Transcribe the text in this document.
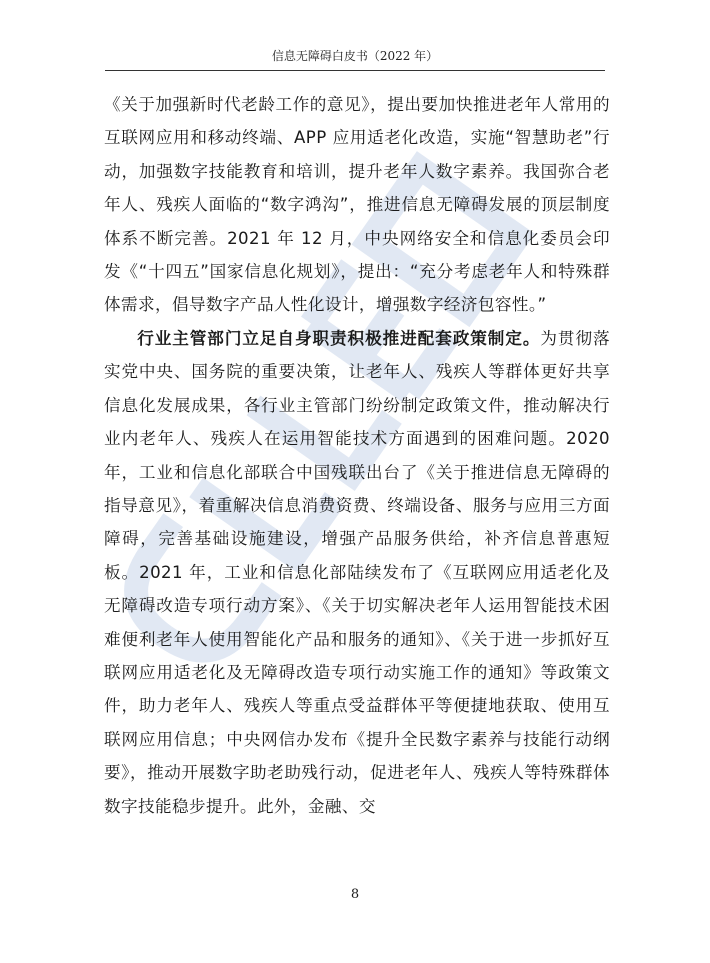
信息无障碍白皮书（2022 年）

《关于加强新时代老龄工作的意见》，提出要加快推进老年人常用的互联网应用和移动终端、APP 应用适老化改造，实施“智慧助老”行动，加强数字技能教育和培训，提升老年人数字素养。我国弥合老年人、残疾人面临的“数字鸿沟”，推进信息无障碍发展的顶层制度体系不断完善。2021 年 12 月，中央网络安全和信息化委员会印发《“十四五”国家信息化规划》，提出：“充分考虑老年人和特殊群体需求，倡导数字产品人性化设计，增强数字经济包容性。”

行业主管部门立足自身职责积极推进配套政策制定。为贯彻落实党中央、国务院的重要决策，让老年人、残疾人等群体更好共享信息化发展成果，各行业主管部门纷纷制定政策文件，推动解决行业内老年人、残疾人在运用智能技术方面遇到的困难问题。2020 年，工业和信息化部联合中国残联出台了《关于推进信息无障碍的指导意见》，着重解决信息消费资费、终端设备、服务与应用三方面障碍，完善基础设施建设，增强产品服务供给，补齐信息普惠短板。2021 年，工业和信息化部陆续发布了《互联网应用适老化及无障碍改造专项行动方案》、《关于切实解决老年人运用智能技术困难便利老年人使用智能化产品和服务的通知》、《关于进一步抓好互联网应用适老化及无障碍改造专项行动实施工作的通知》等政策文件，助力老年人、残疾人等重点受益群体平等便捷地获取、使用互联网应用信息；中央网信办发布《提升全民数字素养与技能行动纲要》，推动开展数字助老助残行动，促进老年人、残疾人等特殊群体数字技能稳步提升。此外，金融、交

8
